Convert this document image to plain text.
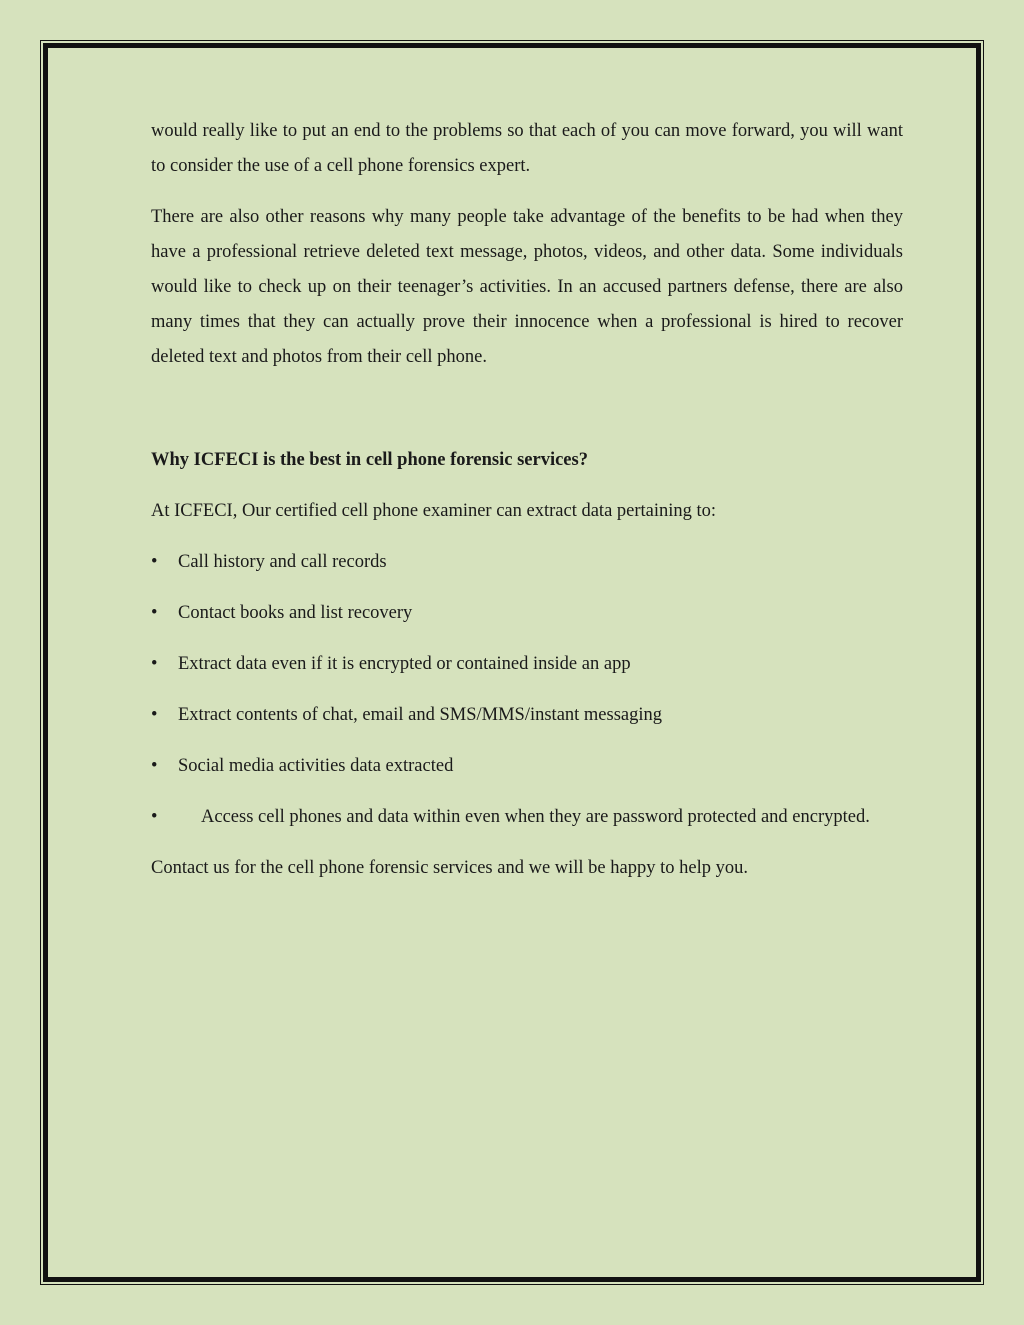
would really like to put an end to the problems so that each of you can move forward, you will want to consider the use of a cell phone forensics expert.

There are also other reasons why many people take advantage of the benefits to be had when they have a professional retrieve deleted text message, photos, videos, and other data. Some individuals would like to check up on their teenager’s activities. In an accused partners defense, there are also many times that they can actually prove their innocence when a professional is hired to recover deleted text and photos from their cell phone.

Why ICFECI is the best in cell phone forensic services?

At ICFECI, Our certified cell phone examiner can extract data pertaining to:

•	Call history and call records
•	Contact books and list recovery
•	Extract data even if it is encrypted or contained inside an app
•	Extract contents of chat, email and SMS/MMS/instant messaging
•	Social media activities data extracted
• Access cell phones and data within even when they are password protected and encrypted.

Contact us for the cell phone forensic services and we will be happy to help you.
